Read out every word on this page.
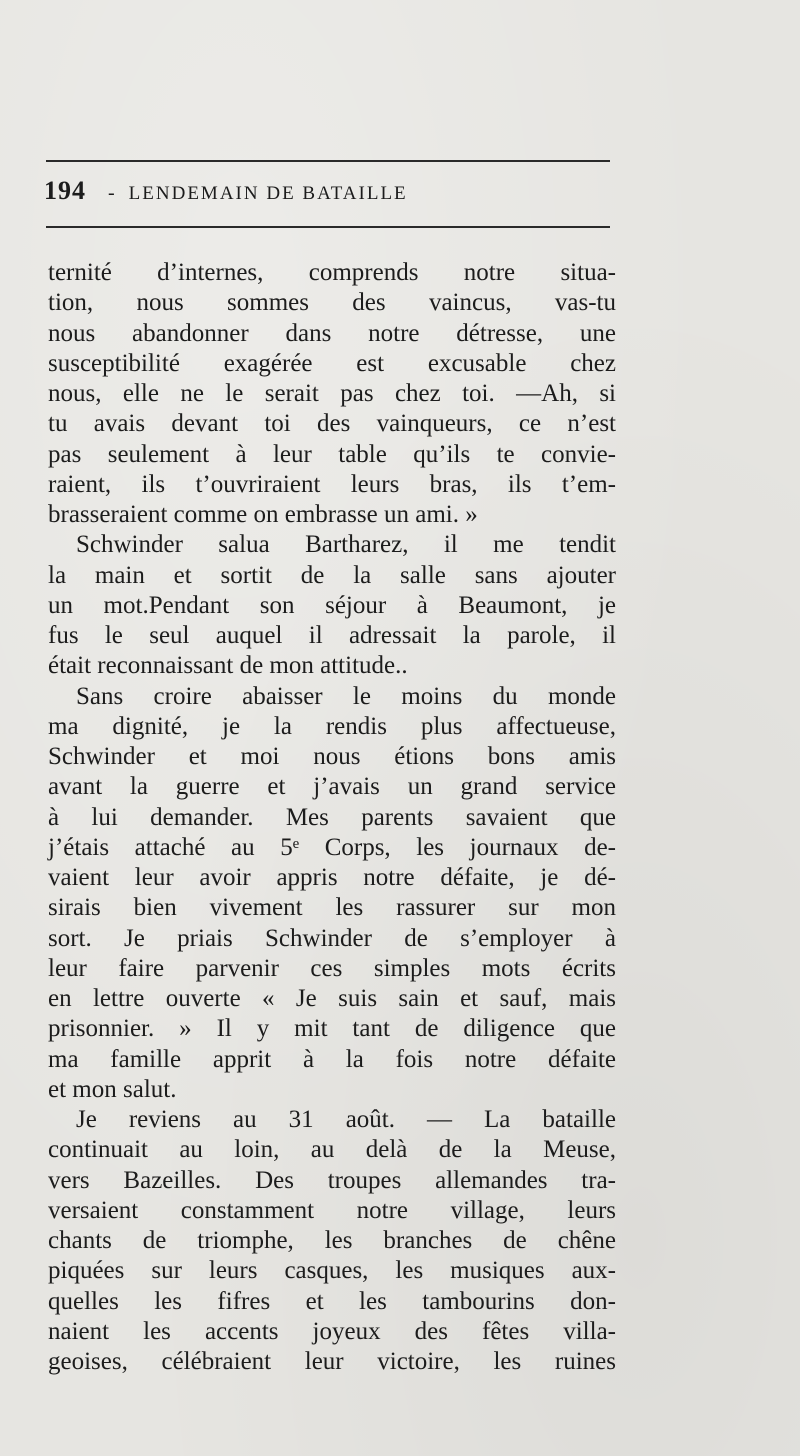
194 - LENDEMAIN DE BATAILLE
ternité d’internes, comprends notre situa-
tion, nous sommes des vaincus, vas-tu
nous abandonner dans notre détresse, une
susceptibilité exagérée est excusable chez
nous, elle ne le serait pas chez toi. —Ah, si
tu avais devant toi des vainqueurs, ce n’est
pas seulement à leur table qu’ils te convie-
raient, ils t’ouvriraient leurs bras, ils t’em-
brasseraient comme on embrasse un ami. »
Schwinder salua Bartharez, il me tendit
la main et sortit de la salle sans ajouter
un mot.Pendant son séjour à Beaumont, je
fus le seul auquel il adressait la parole, il
était reconnaissant de mon attitude..
Sans croire abaisser le moins du monde
ma dignité, je la rendis plus affectueuse,
Schwinder et moi nous étions bons amis
avant la guerre et j’avais un grand service
à lui demander. Mes parents savaient que
j’étais attaché au 5ᵉ Corps, les journaux de-
vaient leur avoir appris notre défaite, je dé-
sirais bien vivement les rassurer sur mon
sort. Je priais Schwinder de s’employer à
leur faire parvenir ces simples mots écrits
en lettre ouverte « Je suis sain et sauf, mais
prisonnier. » Il y mit tant de diligence que
ma famille apprit à la fois notre défaite
et mon salut.
Je reviens au 31 août. — La bataille
continuait au loin, au delà de la Meuse,
vers Bazeilles. Des troupes allemandes tra-
versaient constamment notre village, leurs
chants de triomphe, les branches de chêne
piquées sur leurs casques, les musiques aux-
quelles les fifres et les tambourins don-
naient les accents joyeux des fêtes villa-
geoises, célébraient leur victoire, les ruines
